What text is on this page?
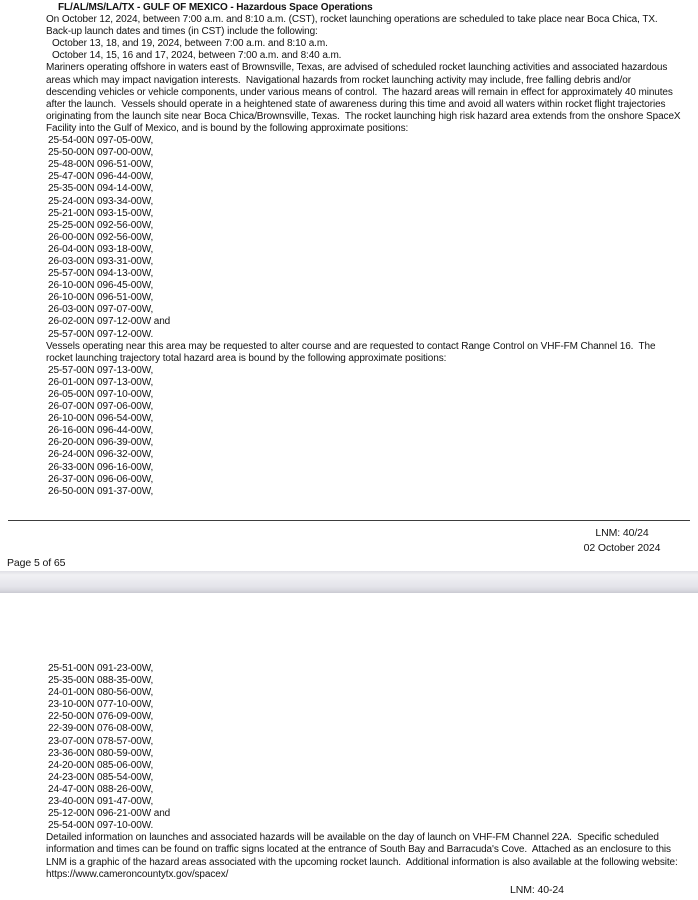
FL/AL/MS/LA/TX - GULF OF MEXICO - Hazardous Space Operations
On October 12, 2024, between 7:00 a.m. and 8:10 a.m. (CST), rocket launching operations are scheduled to take place near Boca Chica, TX.
Back-up launch dates and times (in CST) include the following:
October 13, 18, and 19, 2024, between 7:00 a.m. and 8:10 a.m.
October 14, 15, 16 and 17, 2024, between 7:00 a.m. and 8:40 a.m.
Mariners operating offshore in waters east of Brownsville, Texas, are advised of scheduled rocket launching activities and associated hazardous
areas which may impact navigation interests.  Navigational hazards from rocket launching activity may include, free falling debris and/or
descending vehicles or vehicle components, under various means of control.  The hazard areas will remain in effect for approximately 40 minutes
after the launch.  Vessels should operate in a heightened state of awareness during this time and avoid all waters within rocket flight trajectories
originating from the launch site near Boca Chica/Brownsville, Texas.  The rocket launching high risk hazard area extends from the onshore SpaceX
Facility into the Gulf of Mexico, and is bound by the following approximate positions:
25-54-00N 097-05-00W,
25-50-00N 097-00-00W,
25-48-00N 096-51-00W,
25-47-00N 096-44-00W,
25-35-00N 094-14-00W,
25-24-00N 093-34-00W,
25-21-00N 093-15-00W,
25-25-00N 092-56-00W,
26-00-00N 092-56-00W,
26-04-00N 093-18-00W,
26-03-00N 093-31-00W,
25-57-00N 094-13-00W,
26-10-00N 096-45-00W,
26-10-00N 096-51-00W,
26-03-00N 097-07-00W,
26-02-00N 097-12-00W and
25-57-00N 097-12-00W.
Vessels operating near this area may be requested to alter course and are requested to contact Range Control on VHF-FM Channel 16.  The
rocket launching trajectory total hazard area is bound by the following approximate positions:
25-57-00N 097-13-00W,
26-01-00N 097-13-00W,
26-05-00N 097-10-00W,
26-07-00N 097-06-00W,
26-10-00N 096-54-00W,
26-16-00N 096-44-00W,
26-20-00N 096-39-00W,
26-24-00N 096-32-00W,
26-33-00N 096-16-00W,
26-37-00N 096-06-00W,
26-50-00N 091-37-00W,

Page 5 of 65

LNM: 40/24
02 October 2024
25-51-00N 091-23-00W,
25-35-00N 088-35-00W,
24-01-00N 080-56-00W,
23-10-00N 077-10-00W,
22-50-00N 076-09-00W,
22-39-00N 076-08-00W,
23-07-00N 078-57-00W,
23-36-00N 080-59-00W,
24-20-00N 085-06-00W,
24-23-00N 085-54-00W,
24-47-00N 088-26-00W,
23-40-00N 091-47-00W,
25-12-00N 096-21-00W and
25-54-00N 097-10-00W.
Detailed information on launches and associated hazards will be available on the day of launch on VHF-FM Channel 22A.  Specific scheduled
information and times can be found on traffic signs located at the entrance of South Bay and Barracuda's Cove.  Attached as an enclosure to this
LNM is a graphic of the hazard areas associated with the upcoming rocket launch.  Additional information is also available at the following website:
https://www.cameroncountytx.gov/spacex/
LNM: 40-24
